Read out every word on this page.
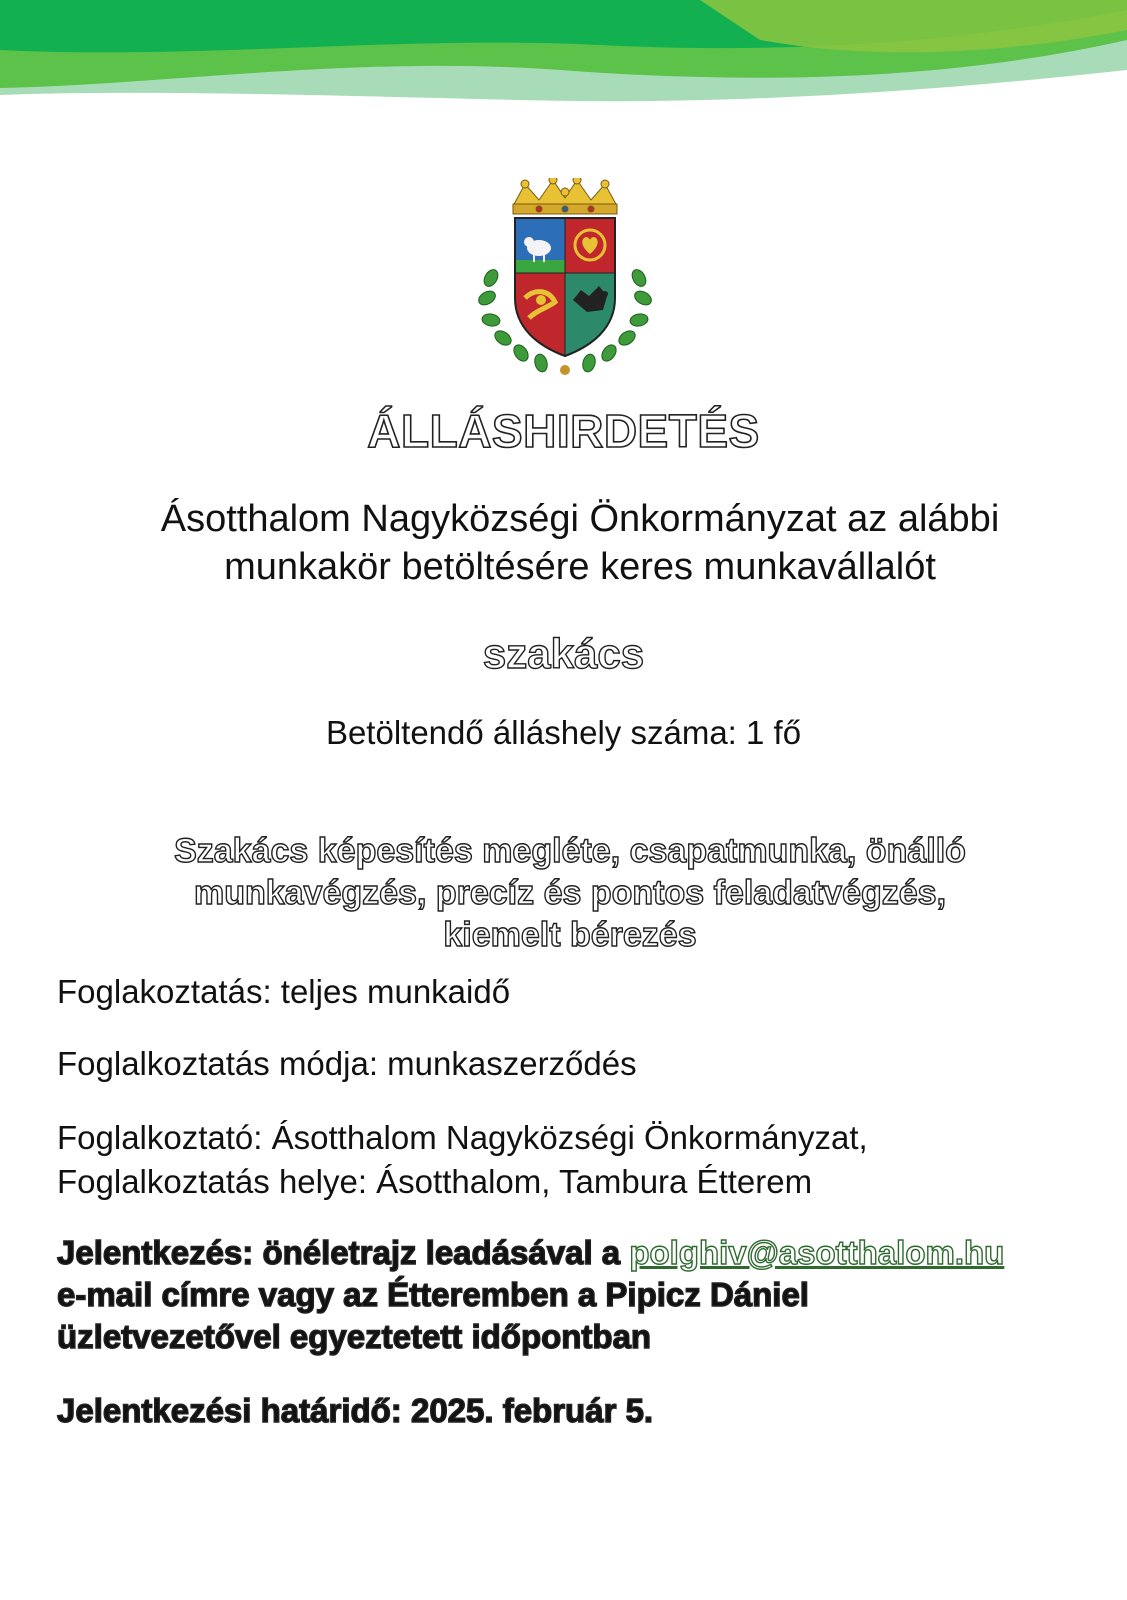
ÁLLÁSHIRDETÉS
Ásotthalom Nagyközségi Önkormányzat az alábbi
munkakör betöltésére keres munkavállalót
szakács
Betöltendő álláshely száma: 1 fő
Szakács képesítés megléte, csapatmunka, önálló
munkavégzés, precíz és pontos feladatvégzés,
kiemelt bérezés
Foglakoztatás: teljes munkaidő
Foglalkoztatás módja: munkaszerződés
Foglalkoztató: Ásotthalom Nagyközségi Önkormányzat,
Foglalkoztatás helye: Ásotthalom, Tambura Étterem
Jelentkezés: önéletrajz leadásával a polghiv@asotthalom.hu
e-mail címre vagy az Étteremben a Pipicz Dániel
üzletvezetővel egyeztetett időpontban
Jelentkezési határidő: 2025. február 5.
